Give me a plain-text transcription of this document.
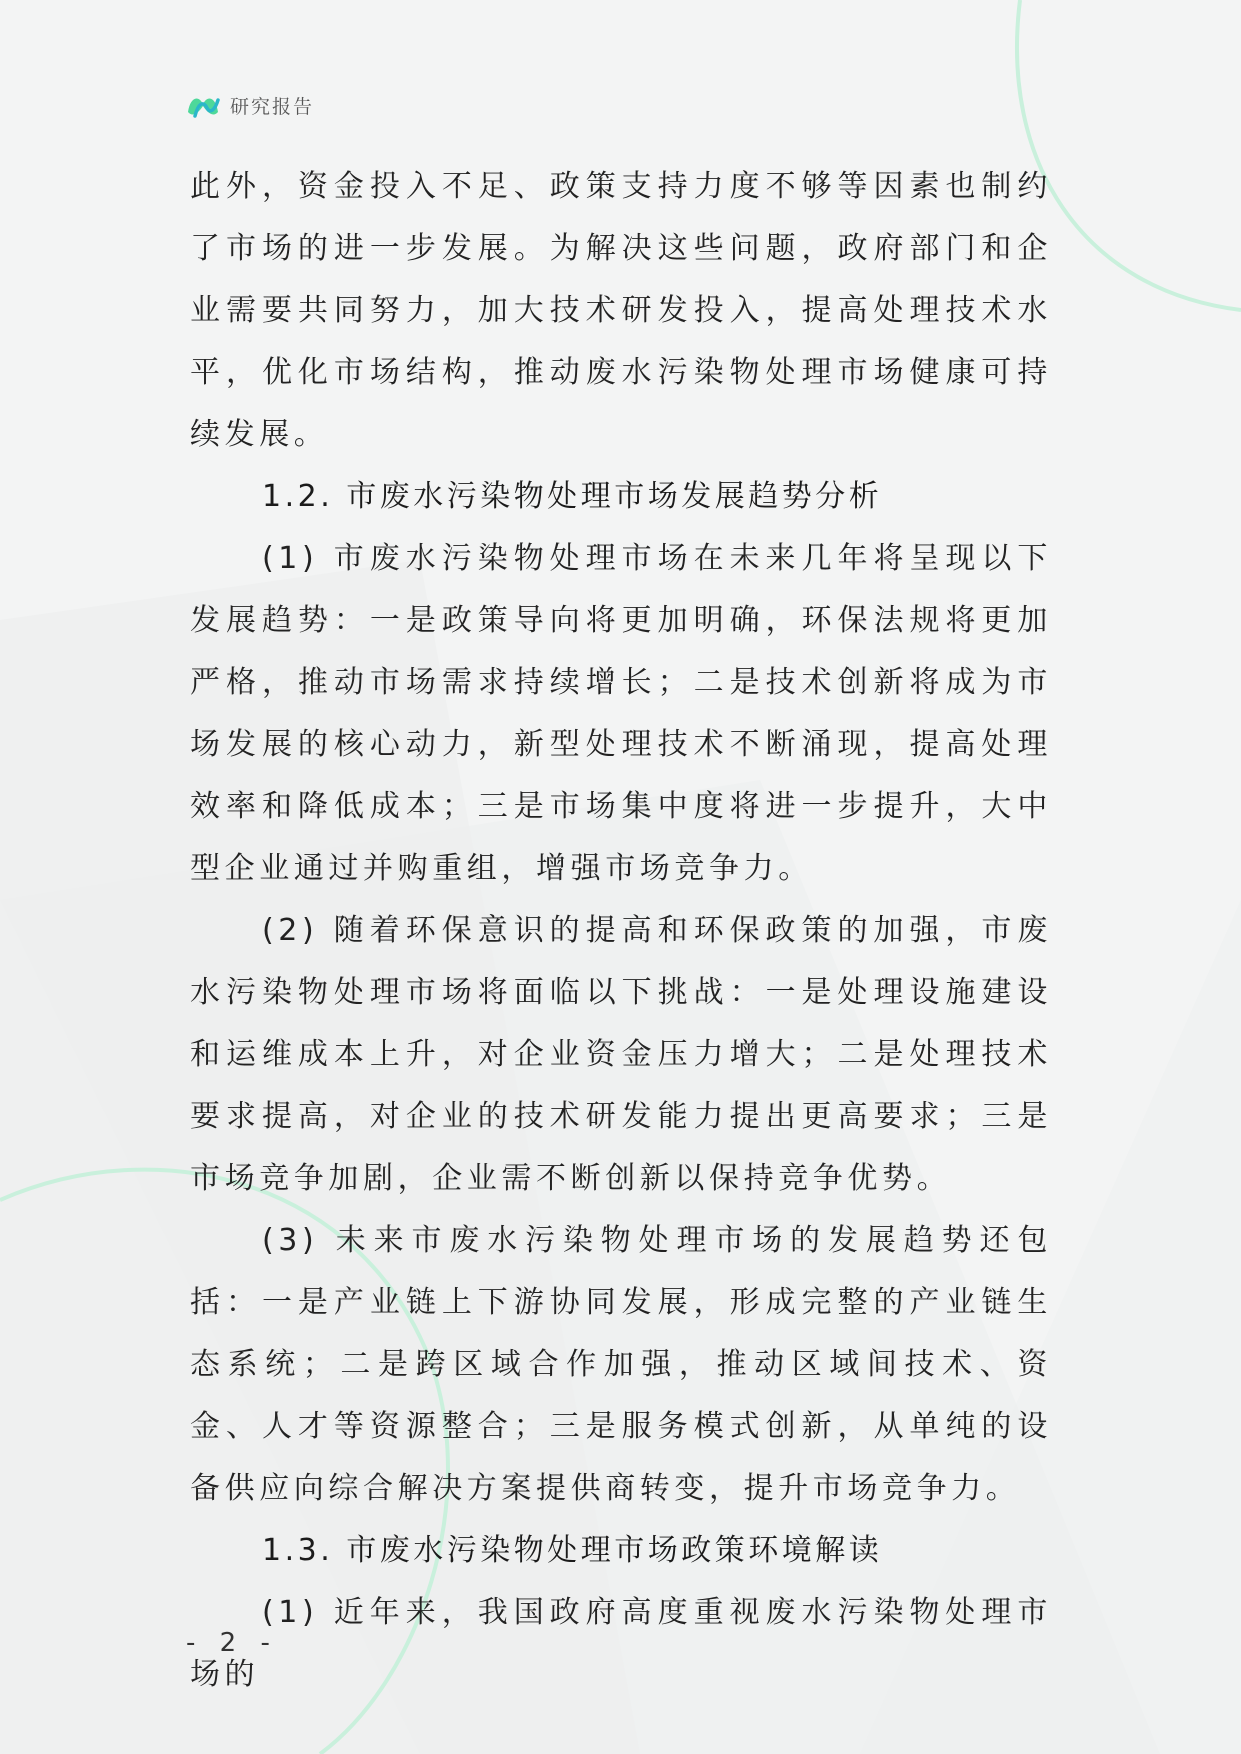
研究报告

此外，资金投入不足、政策支持力度不够等因素也制约了市场的进一步发展。为解决这些问题，政府部门和企业需要共同努力，加大技术研发投入，提高处理技术水平，优化市场结构，推动废水污染物处理市场健康可持续发展。

1.2. 市废水污染物处理市场发展趋势分析

(1) 市废水污染物处理市场在未来几年将呈现以下发展趋势：一是政策导向将更加明确，环保法规将更加严格，推动市场需求持续增长；二是技术创新将成为市场发展的核心动力，新型处理技术不断涌现，提高处理效率和降低成本；三是市场集中度将进一步提升，大中型企业通过并购重组，增强市场竞争力。

(2) 随着环保意识的提高和环保政策的加强，市废水污染物处理市场将面临以下挑战：一是处理设施建设和运维成本上升，对企业资金压力增大；二是处理技术要求提高，对企业的技术研发能力提出更高要求；三是市场竞争加剧，企业需不断创新以保持竞争优势。

(3) 未来市废水污染物处理市场的发展趋势还包括：一是产业链上下游协同发展，形成完整的产业链生态系统；二是跨区域合作加强，推动区域间技术、资金、人才等资源整合；三是服务模式创新，从单纯的设备供应向综合解决方案提供商转变，提升市场竞争力。

1.3. 市废水污染物处理市场政策环境解读

(1) 近年来，我国政府高度重视废水污染物处理市场的

- 2 -
